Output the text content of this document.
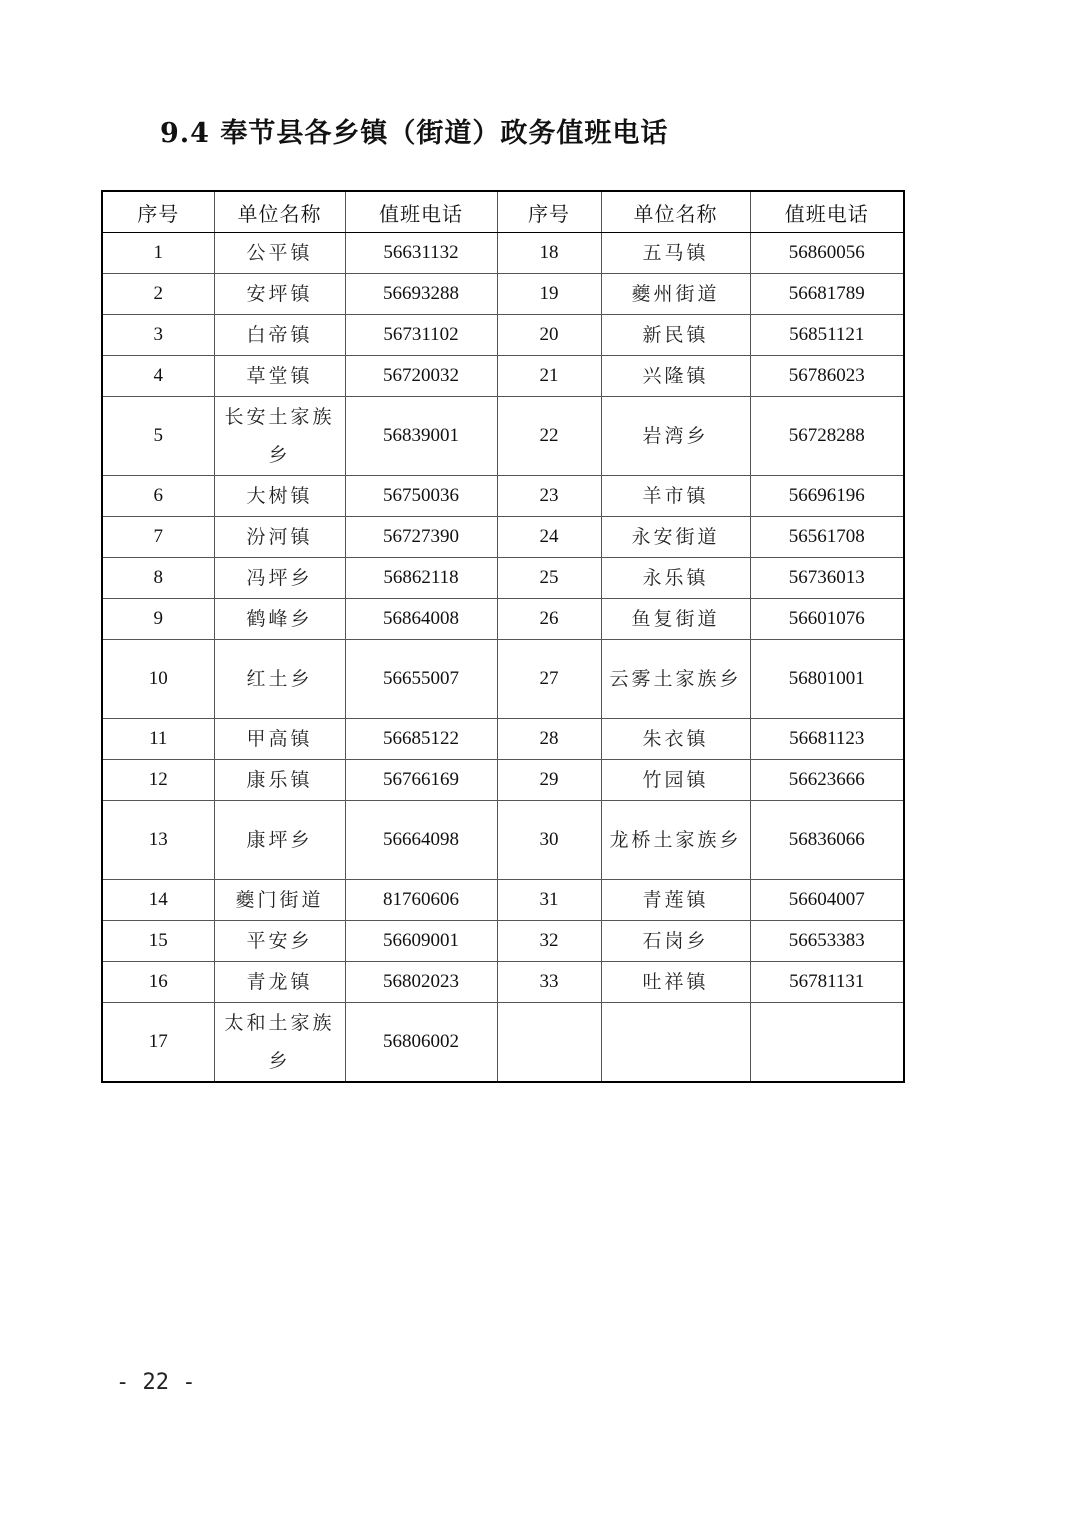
9.4 奉节县各乡镇（街道）政务值班电话
序号	单位名称	值班电话	序号	单位名称	值班电话
1	公平镇	56631132	18	五马镇	56860056
2	安坪镇	56693288	19	夔州街道	56681789
3	白帝镇	56731102	20	新民镇	56851121
4	草堂镇	56720032	21	兴隆镇	56786023
5	长安土家族乡	56839001	22	岩湾乡	56728288
6	大树镇	56750036	23	羊市镇	56696196
7	汾河镇	56727390	24	永安街道	56561708
8	冯坪乡	56862118	25	永乐镇	56736013
9	鹤峰乡	56864008	26	鱼复街道	56601076
10	红土乡	56655007	27	云雾土家族乡	56801001
11	甲高镇	56685122	28	朱衣镇	56681123
12	康乐镇	56766169	29	竹园镇	56623666
13	康坪乡	56664098	30	龙桥土家族乡	56836066
14	夔门街道	81760606	31	青莲镇	56604007
15	平安乡	56609001	32	石岗乡	56653383
16	青龙镇	56802023	33	吐祥镇	56781131
17	太和土家族乡	56806002			
- 22 -
